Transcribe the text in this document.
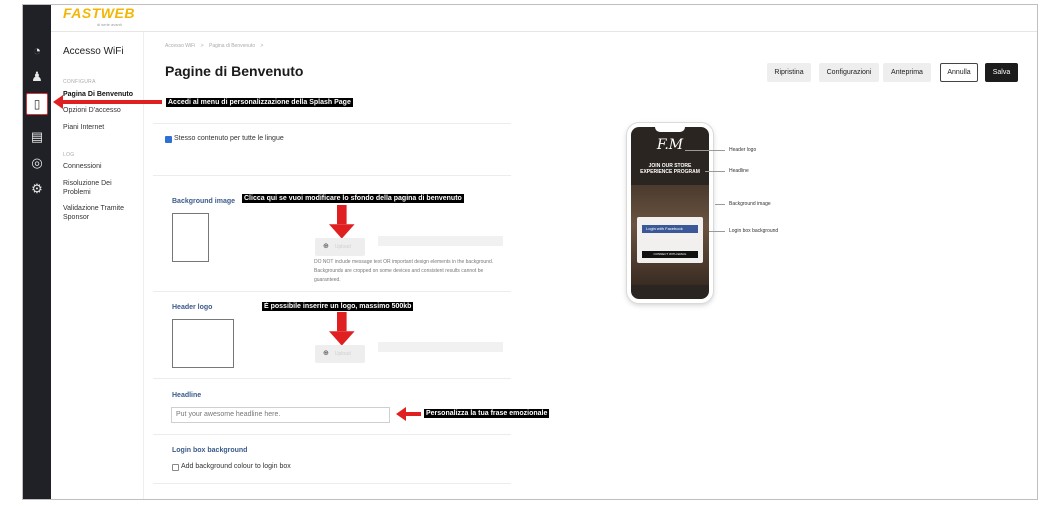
◔
♟
▯
▤
◎
⚙
FASTWEB
di serie avanti
Accesso WiFi
CONFIGURA
Pagina Di Benvenuto
Opzioni D'accesso
Piani Internet
LOG
Connessioni
Risoluzione Dei Problemi
Validazione Tramite Sponsor
Accesso WiFi > Pagina di Benvenuto >
Pagine di Benvenuto	Ripristina	Configurazioni	Anteprima	Annulla	Salva
Accedi al menu di personalizzazione della Splash Page
Stesso contenuto per tutte le lingue
Background image Clicca qui se vuoi modificare lo sfondo della pagina di benvenuto
⊕ Upload
DO NOT include message text OR important design elements in the background. Backgrounds are cropped on some devices and consistent results cannot be guaranteed.
Header logo	È possibile inserire un logo, massimo 500kb
⊕ Upload
Headline
Put your awesome headline here.	Personalizza la tua frase emozionale
Login box background
Add background colour to login box
F.M
JOIN OUR STORE
EXPERIENCE PROGRAM
Login with Facebook
CONNECT WITH EMAIL
Header logo
Headline
Background image
Login box background
